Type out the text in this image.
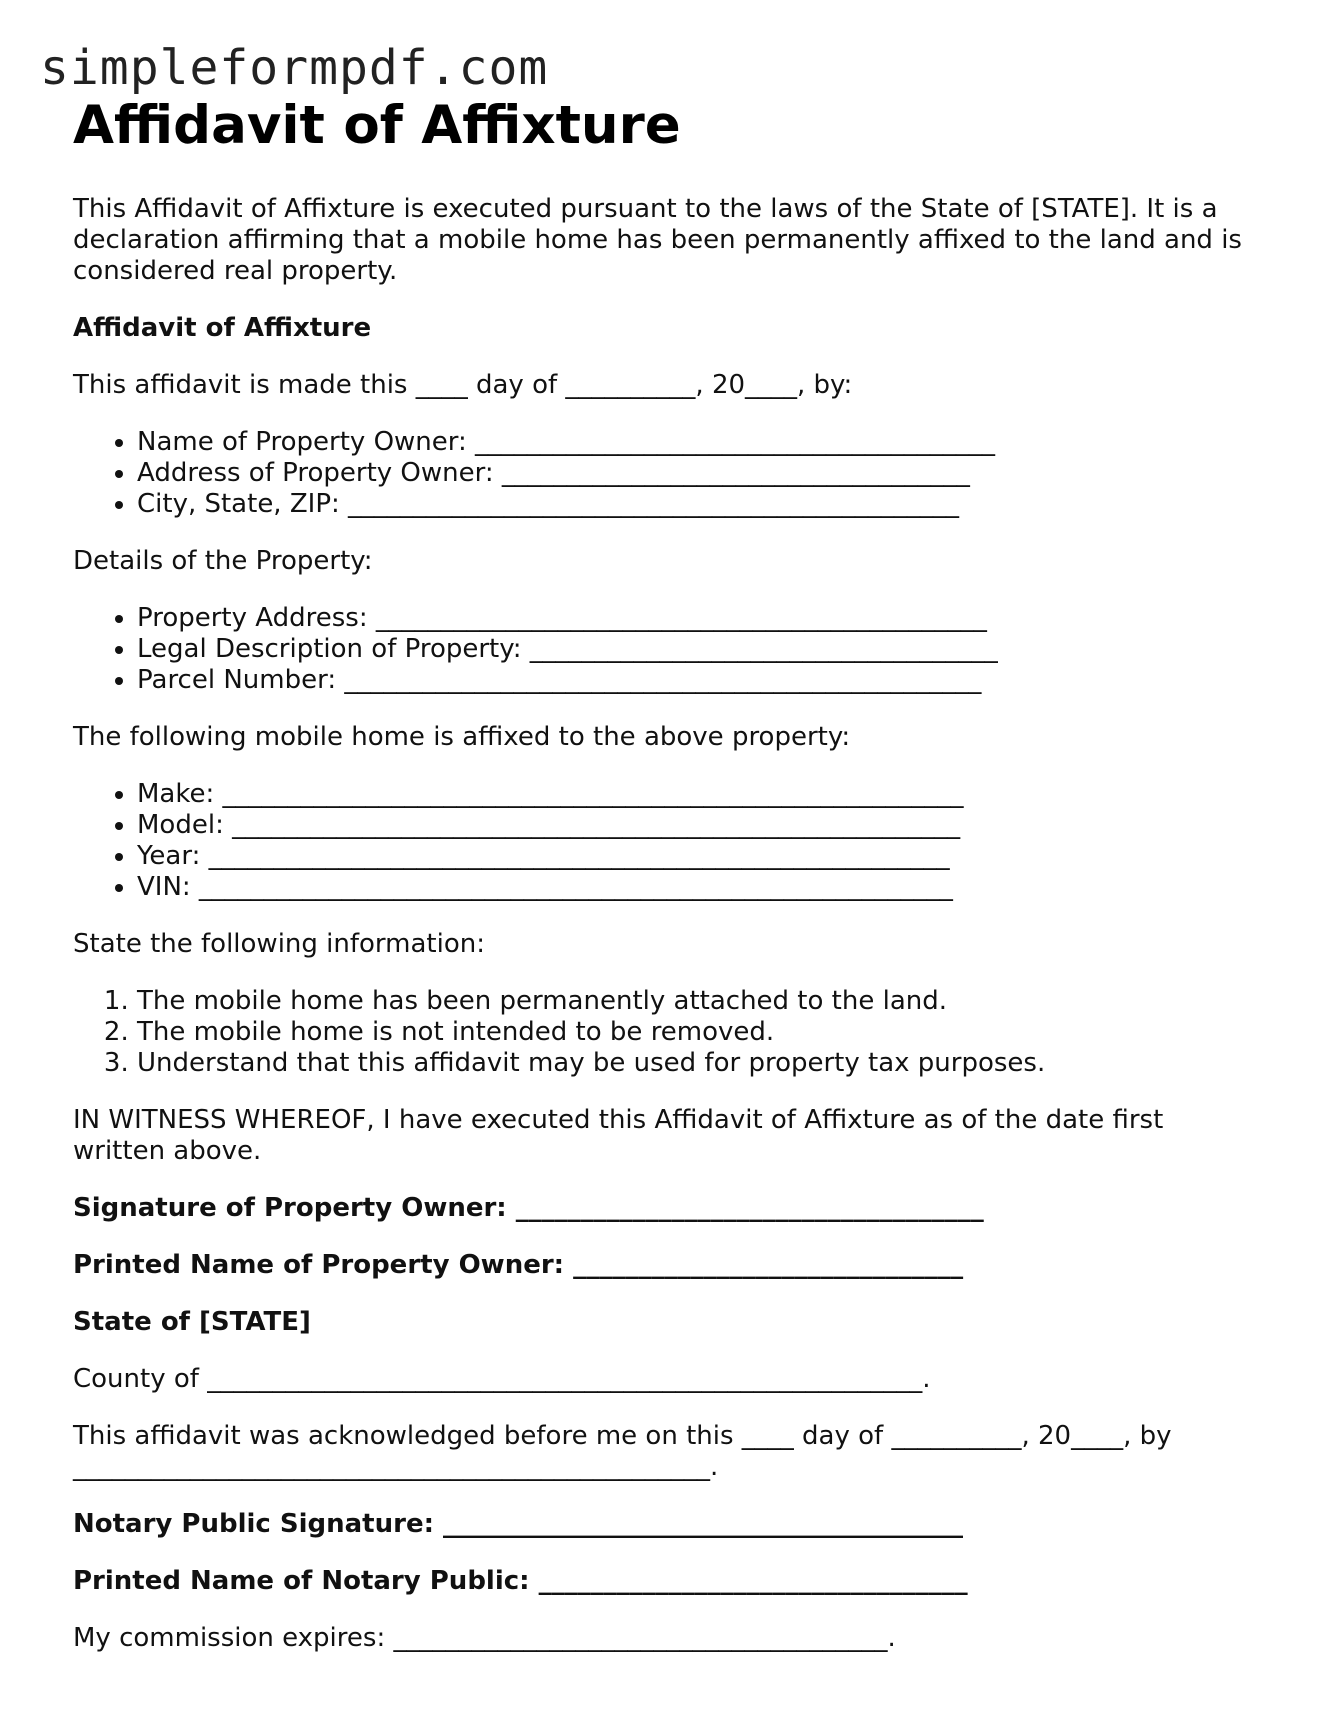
simpleformpdf.com
Affidavit of Affixture

This Affidavit of Affixture is executed pursuant to the laws of the State of [STATE]. It is a declaration affirming that a mobile home has been permanently affixed to the land and is considered real property.

Affidavit of Affixture

This affidavit is made this ____ day of __________, 20____, by:

• Name of Property Owner: ________________________________________
• Address of Property Owner: ____________________________________
• City, State, ZIP: _______________________________________________

Details of the Property:

• Property Address: _______________________________________________
• Legal Description of Property: ____________________________________
• Parcel Number: _________________________________________________

The following mobile home is affixed to the above property:

• Make: _________________________________________________________
• Model: ________________________________________________________
• Year: _________________________________________________________
• VIN: __________________________________________________________

State the following information:

1. The mobile home has been permanently attached to the land.
2. The mobile home is not intended to be removed.
3. Understand that this affidavit may be used for property tax purposes.

IN WITNESS WHEREOF, I have executed this Affidavit of Affixture as of the date first written above.

Signature of Property Owner: ____________________________________

Printed Name of Property Owner: ______________________________

State of [STATE]

County of _______________________________________________________.

This affidavit was acknowledged before me on this ____ day of __________, 20____, by _________________________________________________.

Notary Public Signature: ________________________________________

Printed Name of Notary Public: _________________________________

My commission expires: ______________________________________.
